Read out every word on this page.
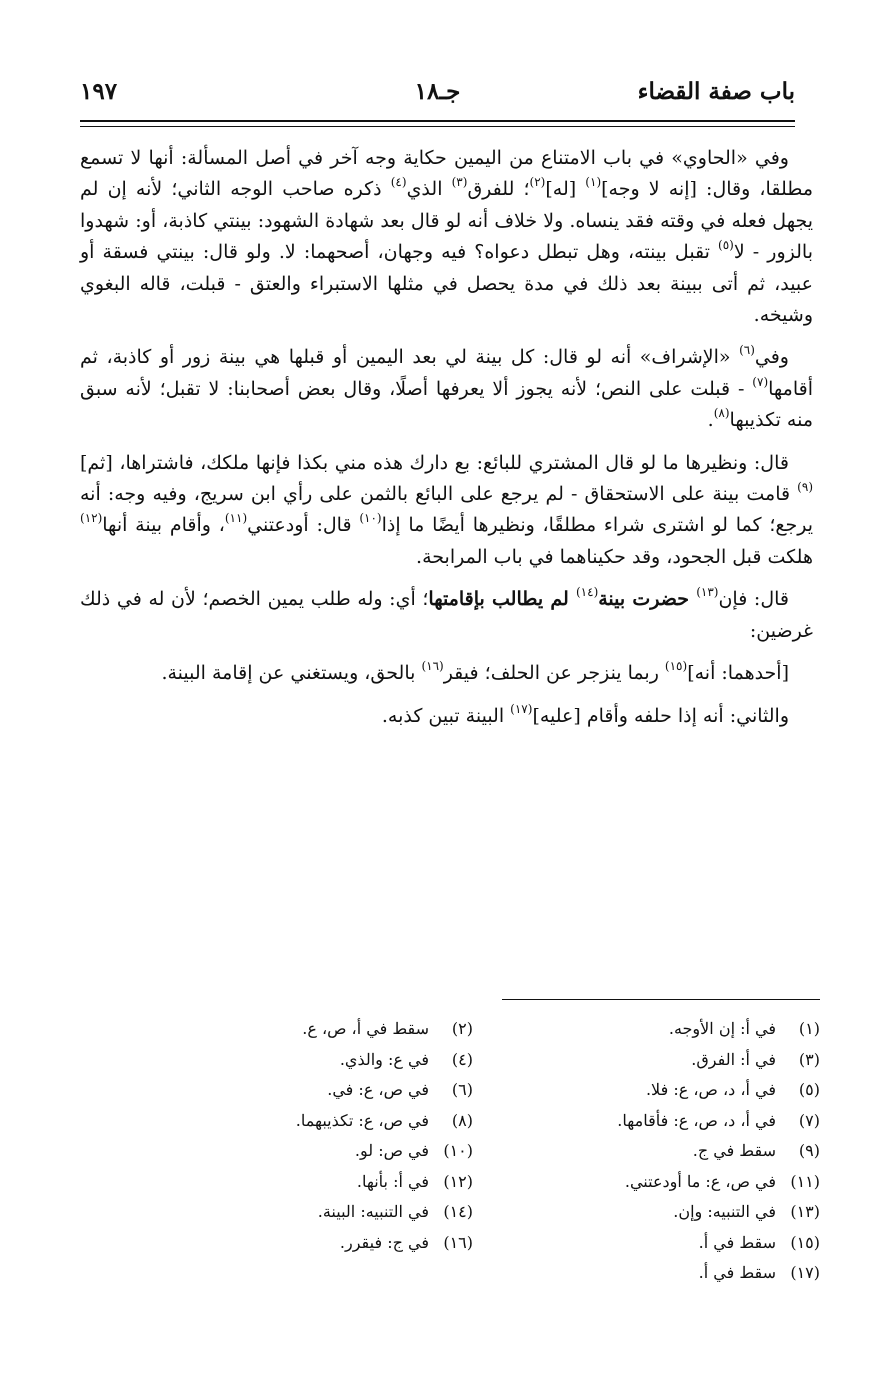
باب صفة القضاء
جـ١٨
١٩٧

وفي «الحاوي» في باب الامتناع من اليمين حكاية وجه آخر في أصل المسألة: أنها لا تسمع مطلقا، وقال: [إنه لا وجه]$^{(١)}$ [له]$^{(٢)}$؛ للفرق$^{(٣)}$ الذي$^{(٤)}$ ذكره صاحب الوجه الثاني؛ لأنه إن لم يجهل فعله في وقته فقد ينساه. ولا خلاف أنه لو قال بعد شهادة الشهود: بينتي كاذبة، أو: شهدوا بالزور - لا$^{(٥)}$ تقبل بينته، وهل تبطل دعواه؟ فيه وجهان، أصحهما: لا. ولو قال: بينتي فسقة أو عبيد، ثم أتى ببينة بعد ذلك في مدة يحصل في مثلها الاستبراء والعتق - قبلت، قاله البغوي وشيخه.

وفي$^{(٦)}$ «الإشراف» أنه لو قال: كل بينة لي بعد اليمين أو قبلها هي بينة زور أو كاذبة، ثم أقامها$^{(٧)}$ - قبلت على النص؛ لأنه يجوز ألا يعرفها أصلًا، وقال بعض أصحابنا: لا تقبل؛ لأنه سبق منه تكذيبها$^{(٨)}$.

قال: ونظيرها ما لو قال المشتري للبائع: بع دارك هذه مني بكذا فإنها ملكك، فاشتراها، [ثم]$^{(٩)}$ قامت بينة على الاستحقاق - لم يرجع على البائع بالثمن على رأي ابن سريج، وفيه وجه: أنه يرجع؛ كما لو اشترى شراء مطلقًا، ونظيرها أيضًا ما إذا$^{(١٠)}$ قال: أودعتني$^{(١١)}$، وأقام بينة أنها$^{(١٢)}$ هلكت قبل الجحود، وقد حكيناهما في باب المرابحة.

قال: فإن$^{(١٣)}$ حضرت بينة$^{(١٤)}$ لم يطالب بإقامتها؛ أي: وله طلب يمين الخصم؛ لأن له في ذلك غرضين:

[أحدهما: أنه]$^{(١٥)}$ ربما ينزجر عن الحلف؛ فيقر$^{(١٦)}$ بالحق، ويستغني عن إقامة البينة.

والثاني: أنه إذا حلفه وأقام [عليه]$^{(١٧)}$ البينة تبين كذبه.

(١)في أ: إن الأوجه.
(٣)في أ: الفرق.
(٥)في أ، د، ص، ع: فلا.
(٧)في أ، د، ص، ع: فأقامها.
(٩)سقط في ج.
(١١)في ص، ع: ما أودعتني.
(١٣)في التنبيه: وإن.
(١٥)سقط في أ.
(١٧)سقط في أ.
(٢)سقط في أ، ص، ع.
(٤)في ع: والذي.
(٦)في ص، ع: في.
(٨)في ص، ع: تكذيبهما.
(١٠)في ص: لو.
(١٢)في أ: بأنها.
(١٤)في التنبيه: البينة.
(١٦)في ج: فيقرر.
